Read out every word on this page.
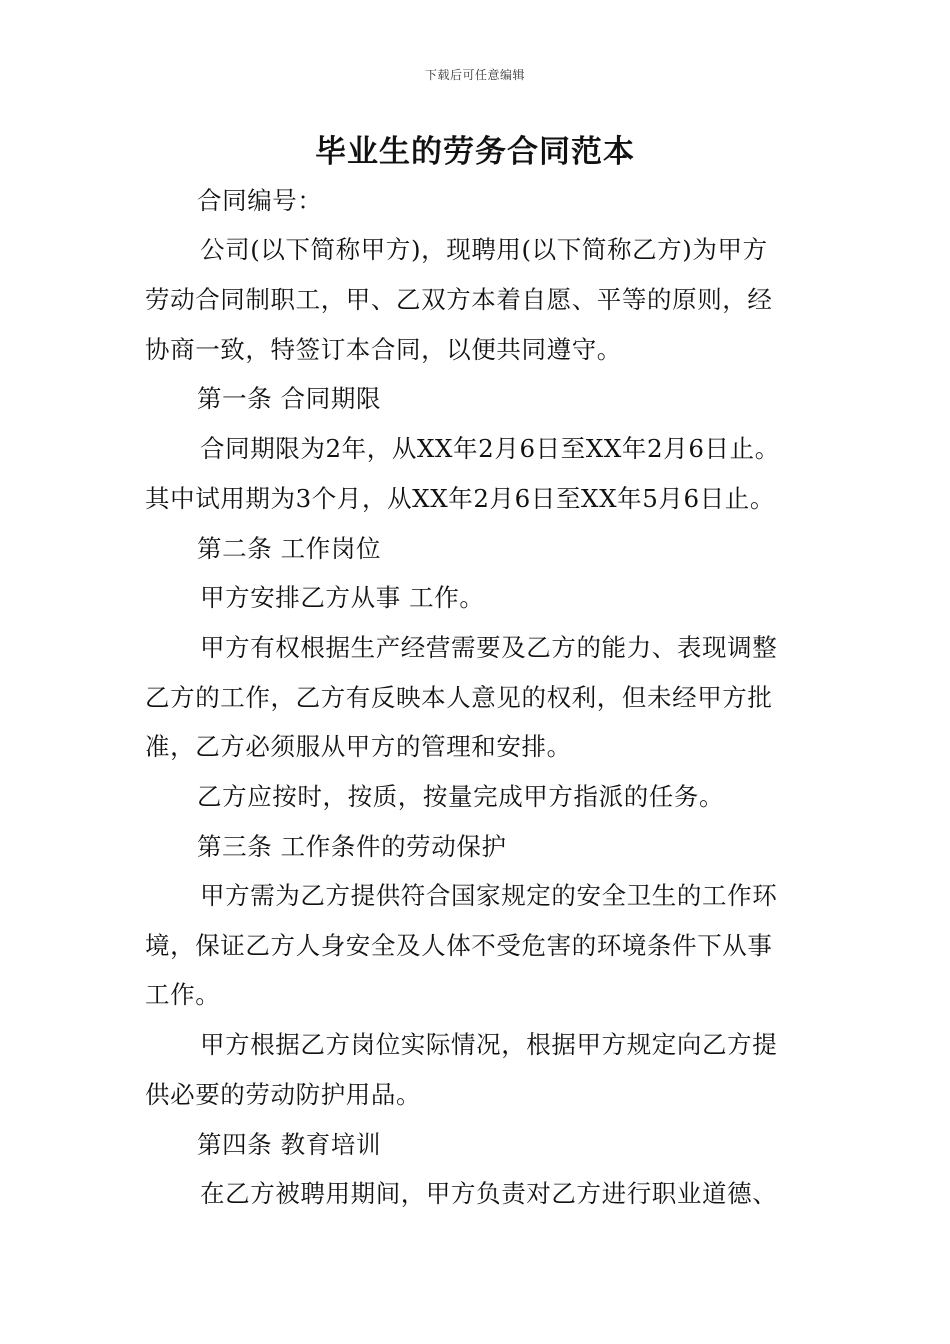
下载后可任意编辑
毕业生的劳务合同范本
合同编号：
公司(以下简称甲方)，现聘用(以下简称乙方)为甲方
劳动合同制职工，甲、乙双方本着自愿、平等的原则，经
协商一致，特签订本合同，以便共同遵守。
第一条 合同期限
合同期限为2年，从XX年2月6日至XX年2月6日止。
其中试用期为3个月，从XX年2月6日至XX年5月6日止。
第二条 工作岗位
甲方安排乙方从事 工作。
甲方有权根据生产经营需要及乙方的能力、表现调整
乙方的工作，乙方有反映本人意见的权利，但未经甲方批
准，乙方必须服从甲方的管理和安排。
乙方应按时，按质，按量完成甲方指派的任务。
第三条 工作条件的劳动保护
甲方需为乙方提供符合国家规定的安全卫生的工作环
境，保证乙方人身安全及人体不受危害的环境条件下从事
工作。
甲方根据乙方岗位实际情况，根据甲方规定向乙方提
供必要的劳动防护用品。
第四条 教育培训
在乙方被聘用期间，甲方负责对乙方进行职业道德、
